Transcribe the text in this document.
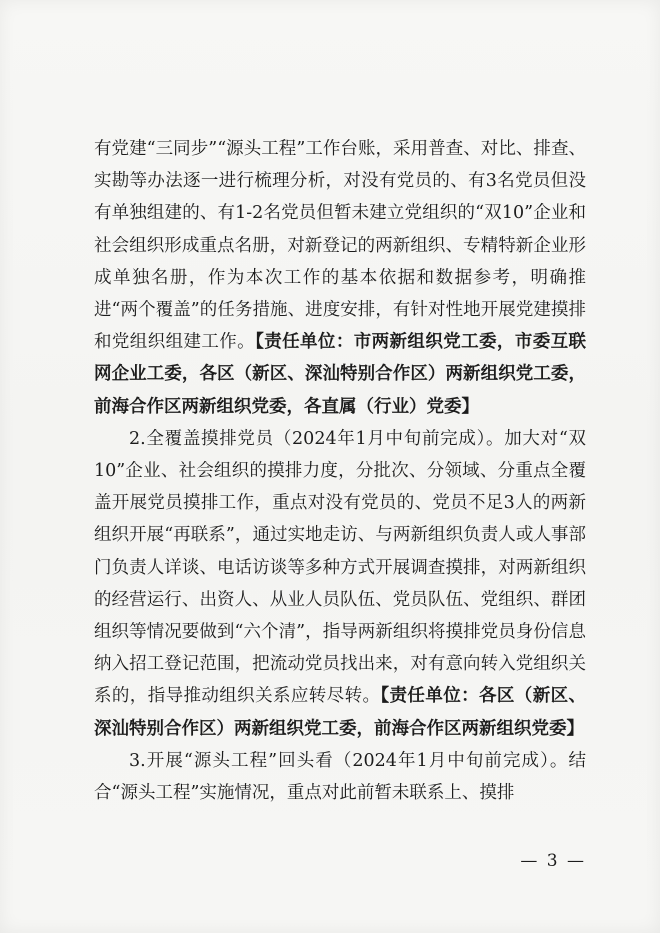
有党建“三同步”“源头工程”工作台账，采用普查、对比、排查、实勘等办法逐一进行梳理分析，对没有党员的、有3名党员但没有单独组建的、有1-2名党员但暂未建立党组织的“双10”企业和社会组织形成重点名册，对新登记的两新组织、专精特新企业形成单独名册，作为本次工作的基本依据和数据参考，明确推进“两个覆盖”的任务措施、进度安排，有针对性地开展党建摸排和党组织组建工作。【责任单位：市两新组织党工委，市委互联网企业工委，各区（新区、深汕特别合作区）两新组织党工委，前海合作区两新组织党委，各直属（行业）党委】

2.全覆盖摸排党员（2024年1月中旬前完成）。加大对“双10”企业、社会组织的摸排力度，分批次、分领域、分重点全覆盖开展党员摸排工作，重点对没有党员的、党员不足3人的两新组织开展“再联系”，通过实地走访、与两新组织负责人或人事部门负责人详谈、电话访谈等多种方式开展调查摸排，对两新组织的经营运行、出资人、从业人员队伍、党员队伍、党组织、群团组织等情况要做到“六个清”，指导两新组织将摸排党员身份信息纳入招工登记范围，把流动党员找出来，对有意向转入党组织关系的，指导推动组织关系应转尽转。【责任单位：各区（新区、深汕特别合作区）两新组织党工委，前海合作区两新组织党委】

3.开展“源头工程”回头看（2024年1月中旬前完成）。结合“源头工程”实施情况，重点对此前暂未联系上、摸排

— 3 —
